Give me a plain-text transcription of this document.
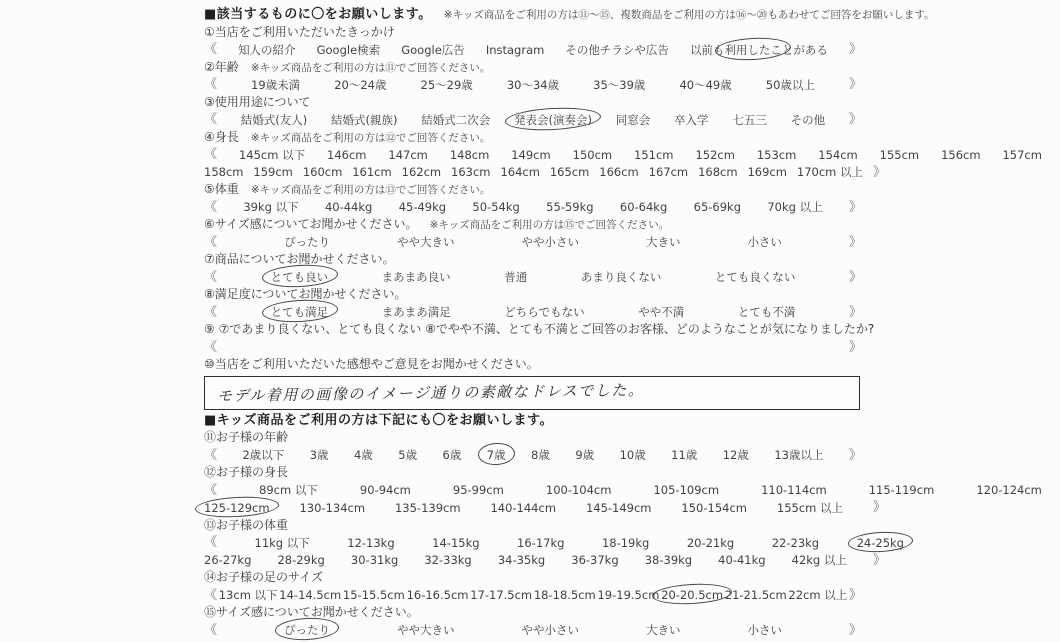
■該当するものに〇をお願いします。 ※キッズ商品をご利用の方は⑪〜⑮、複数商品をご利用の方は⑯〜⑳もあわせてご回答をお願いします。
①当店をご利用いただいたきっかけ
《 知人の紹介 Google検索 Google広告 Instagram その他チラシや広告 以前も利用したことがある 》
②年齢 ※キッズ商品をご利用の方は⑪でご回答ください。
《	19歳未満	20〜24歳	25〜29歳	30〜34歳	35〜39歳	40〜49歳	50歳以上	》
③使用用途について
《 結婚式(友人) 結婚式(親族) 結婚式二次会 発表会(演奏会) 同窓会 卒入学 七五三 その他 》
④身長 ※キッズ商品をご利用の方は⑫でご回答ください。
《 145cm 以下 146cm 147cm 148cm 149cm 150cm 151cm 152cm 153cm 154cm 155cm 156cm 157cm
158cm 159cm 160cm 161cm 162cm 163cm 164cm 165cm 166cm 167cm 168cm 169cm 170cm 以上 》
⑤体重 ※キッズ商品をご利用の方は⑬でご回答ください。
《 39kg 以下 40-44kg 45-49kg 50-54kg 55-59kg 60-64kg 65-69kg 70kg 以上 》
⑥サイズ感についてお聞かせください。 ※キッズ商品をご利用の方は⑮でご回答ください。
《	ぴったり	やや大きい	やや小さい	大きい	小さい	》
⑦商品についてお聞かせください。
《	とても良い	まあまあ良い	普通	あまり良くない	とても良くない	》
⑧満足度についてお聞かせください。
《	とても満足	まあまあ満足	どちらでもない	やや不満	とても不満	》
⑨ ⑦であまり良くない、とても良くない ⑧でやや不満、とても不満とご回答のお客様、どのようなことが気になりましたか?
《	》
⑩当店をご利用いただいた感想やご意見をお聞かせください。
モデル着用の画像のイメージ通りの素敵なドレスでした。
■キッズ商品をご利用の方は下記にも〇をお願いします。
⑪お子様の年齢
《 2歳以下 3歳 4歳 5歳 6歳 7歳 8歳 9歳 10歳 11歳 12歳 13歳以上 》
⑫お子様の身長
《	89cm 以下	90-94cm	95-99cm	100-104cm	105-109cm	110-114cm	115-119cm	120-124cm
125-129cm	130-134cm	135-139cm	140-144cm	145-149cm	150-154cm	155cm 以上 》
⑬お子様の体重
《	11kg 以下	12-13kg	14-15kg	16-17kg	18-19kg	20-21kg	22-23kg	24-25kg
26-27kg 28-29kg 30-31kg 32-33kg 34-35kg 36-37kg 38-39kg 40-41kg 42kg 以上 》
⑭お子様の足のサイズ
《 13cm 以下 14-14.5cm 15-15.5cm 16-16.5cm 17-17.5cm 18-18.5cm 19-19.5cm 20-20.5cm 21-21.5cm 22cm 以上 》
⑮サイズ感についてお聞かせください。
《	ぴったり	やや大きい	やや小さい	大きい	小さい	》
